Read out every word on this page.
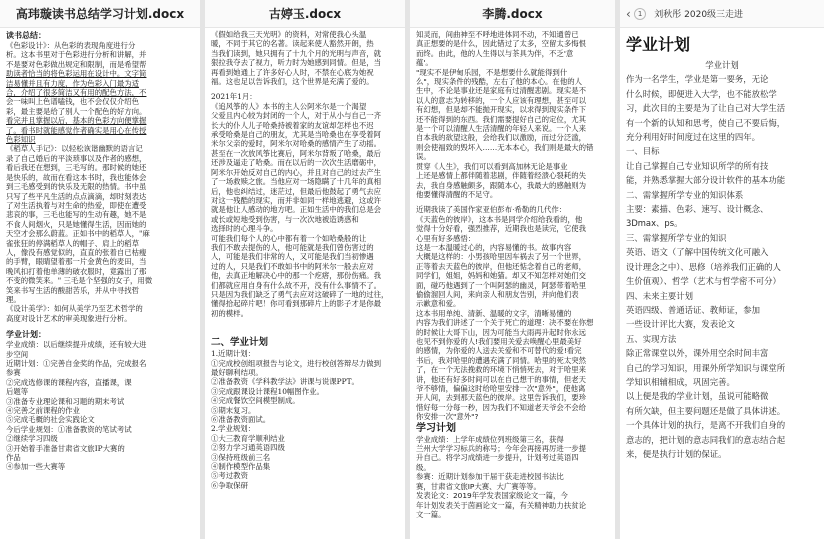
高玮璇读书总结学习计划.docx

读书总结：

《色彩设计》：从色彩的表现角度进行分

析。这本书里对于色彩进行分析和讲解，并

不是要对色彩做出规定和限制，而是希望帮

助读者恰当的将色彩运用在设计中。文字简

洁易懂并且有力度，作为色彩入门最为适

合，介绍了很多简洁又有用的配色方法，不

会一味叫上色谱嗑钱，也不会仅仅介绍色

彩，最主要是给了别人一个配色的好方向。

看完并且掌握以后，基本的色彩方向便掌握

了。看书时就能感觉作者确实是用心在传授

色彩知识

《稻草人手记》：以轻松诙谐幽默的语言记

录了自己婚后的平淡琐事以及作者的感想，

看后我还在想到，三毛写的。那时候的她还

是快乐的，故而在看这本书时，我也能体会

到三毛感受到的快乐及无限的热情。书中虽

只写了些平凡生活的点点滴滴，却时刻表达

了对生活执着与对生命的热爱，即使在遭受

悲哀的事，三毛也能写的生动有趣，她不是

不食人间烟火，只是她懂得生活，因而她的

天空才会那么蔚蓝。正如书中的稻草人，"麻

雀张狂的停满稻草人的帽子、肩上的稻草

人，像没有感觉似的，直直的张着自已枯瘦

的手臂，眼睛望着那一片金黄色的麦田，当

晚风扣打着他单薄的破衣服时，竟露出了那

不变的微笑来。" 三毛是个坚强的女子，用微

笑来书写生活的酸甜苦乐，并从中寻找哲

理。

《设计美学》：如何从美学乃至艺术哲学的

高度对设计艺术的审美现象进行分析。

学业计划：

学业成绩：以后继续提升成绩，还有较大进

步空间

近期计划：①完善自金奖的作品，完成报名

参赛

②完成选修课的课程内容，直播课，课

后题等

③准备专业理论课和习题的期末考试

④完善之前课程的作业

⑤完成毛概的社会实践论文

今后学业规划：①准备教资的笔试考试

②继续学习四级

③开始着手准备甘肃省文旅IP大赛的

作品

④参加一些大赛等

古婷玉.docx

《假如给我三天光明》的资料，对常使我心头温

暖，不同于其它的名著。读起来使人豁然开朗，热

当我们读到，她只拥有了十九个月的光明与声音，就

狠拉我夺去了视力，听力时为她感到同情。但是，当

再看到她通上了许多好心人时，不禁在心底为她祝

福。这也足以告诉我们，这个世界是充满了爱的。

2021年1月：

《追风筝的人》本书的主人公阿米尔是一个渴望

父爱且内心较为封闭的一个人，对于从小与自己一齐

长大的仆人儿子哈桑持被着家的友谊却怎样也不迟

承受哈桑是自己的朋友，尤其是当哈桑也在享受着阿

米尔父亲的爱时，阿米尔对哈桑的感情产生了动摇。

甚至在一次放风筝比赛后，阿米尔背叛了哈桑，最后

还涉及逼走了哈桑。而在以后的一次次生活磨砺中，

阿米尔开始反对自己的内心，并且对自己的过去产生

了一场救赎之旅。当他应对一场隐瞒了十几年的真相

后，他也纠结过，迷茫过，但最后他鼓起了勇气去应

对这一残酷的现实，而并非如同一样地逃避，这或许

就是他让人感动的地方吧。正如生活中的我们总是会

或长或短地受到伤害，与一次次地被造诱惑和

选择时的心理斗争。

可能我们每个人的心中都有着一个如哈桑般的让

我们不敢去提伤的人，他可能就是我们曾伤害过的

人，可能是我们非常的人，又可能是我们当初惨遇

过的人，只是我们不敢如书中的阿米尔一般去应对

他，去真正地解决心中的那一个疙瘩，那份伤痛。我

们都就应用自身有什么故不开，没有什么事情不了。

只是因为我们缺乏了勇气去应对这破碎了一地的过往，

懂得拾起碎片吧！你可看到那碎片上的影子才是你最

初的模样。

二、学业计划

1.近期计划：

①完成校创组项报告与论文，进行校创答辩尽力做到

最好聊利结项。

②准备教资《学科教学法》讲课与说课PPT。

③完成跟课设计课程10幅图作业。

④完成餐饮空间模型制成。

⑤期末复习。

⑥准备教资面试。

2.学业规划：

①大三教育学顺利结业

②努力学习通英语四级

③保持班级前三名

④制作模型作品集

⑤考过教资

⑥争取保研

李腾.docx

知灵而，间曲神至不呼地进体同不动，不知通曾已

真正想要的是什么，因此错过了太多，空留太多悔恨

而终。由此，他的人生得以与茶具为伴，不乏'意

蕴'。

"现实不是伊甸乐园，不是想要什么就能得到什

么"，现实条件的残酷，左右了他的本心。在他的人

生中，不论是事业还是家庭有过清醒悲剧。现实是不

以人的意志为转移的，一个人应该有理想，甚至可以

有幻想，但是却不能抛开现实，以求得到现实条件下

还不能得到的东西。我们需要提好自己的定位，尤其

是一个可以清醒人生活清醒的年轻人来说。一个人来

自本我的欲望这般，会给我们以激励，而过分泛滥，

则会使福致的毁坏入……无本本心，我们则是最大的错

误。

贯穿《人生》，我们可以看到高加林无论是事业

上还是感情上都伴随着悲剧，伴随着经溃心裂耗的失

去，我自身感触颇多，跟随本心，我最大的感触则为

他要懂得清醒的不足守。

近期我读了美国作家亚伯彭布·希勒的几代作：

《天蓝色的彼岸》，这本书是同学介绍给我看的，他

觉得十分好看，强烈推荐，近期我也是读完，它使我

心里有好多感悟：

这是一本温暖过心的，内容易懂的书。故事内容

大概是这样的：小男孩哈里因车祸去了另一个世界，

正等着去天蓝色的彼岸，但他还惦念着自己的老师，

同学们，姐姐，妈妈和她猫。却又不知怎样对她们交

面，碰巧他遇到了一个叫阿瑟的幽灵，阿瑟带着哈里

偷偷溜回人间，来向亲人和朋友告别，并向他们表

示歉意和爱。

这本书用单纯、清新、温暖的文字，清晰易懂的

内容为我们讲述了一个关于死亡的道理：决不要在你想

的时候让大哥下山，因为可能当大雨再升起时你永远

也见不到你爱的人!我们要用关爱去唤醒心里最美好

的感情，为你爱的人送去关爱和不可替代的爱!看完

书后，我对哈里的遭遇充满了同情。哈里的死太突然

了，在一个无法挽救的环境下悄悄死去，对于哈里来

讲，他还有好多时间可以在自己想干的事情，但老天

爷不够情，偏偏这时给哈里安排一次"意外"，使他离

开人间，去到那天蓝色的彼岸。这里告诉我们，要珍

惜好每一分每一秒，因为我们不知道老天爷会不会给

你安排一次"意外"?

学习计划

学业成绩：上学年成绩位列班级第三名，获得

兰州大学学习标兵的称号；今年会再接再厉进一步提

升自己。将学习成绩进一步提升，计划考过英语四

级。

参赛：近期计划参加干届干获走进校园书法比

赛，甘肃省文旅IP大赛、大广赛等等。

发表论文：2019年学发表国家级论文一篇，今

年计划发表关于茵画论文一篇，有关精神助力扶贫论

文一篇。

‹	1	刘秋彤 2020级三走进
学业计划

学业计划

作为一名学生，学业是第一要务，无论

什么时候，即便进入大学，也不能放松学

习，此次目的主要是为了让自己对大学生活

有一个新的认知和思考，使自己不要后悔，

充分利用好时间度过在这里的四年。

一、目标

让自己掌握自己专业知识所学的所有技

能，并熟悉掌握大部分设计软件的基本功能

二、需掌握所学专业的知识体系

主要：素描、色彩、速写、设计概念、

3Dmax、ps。

三、需掌握所学专业的知识

英语、语文（了解中国传统文化可融入

设计理念之中）、思修（培养我们正确的人

生价值观）、哲学（艺术与哲学密不可分）

四、未来主要计划

英语四级、普通话证、教师证，参加

一些设计评比大赛，发表论文

五、实现方法

除正常课堂以外，课外用空余时间丰富

自己的学习知识，用课外所学知识与课堂所

学知识相辅相成，巩固完善。

以上便是我的学业计划，虽说可能略微

有所欠缺，但主要问题还是做了具体讲述。

一个具体计划的执行，是离不开我们自身的

意志的，把计划的意志同我们的意志结合起

来，便是执行计划的保证。
